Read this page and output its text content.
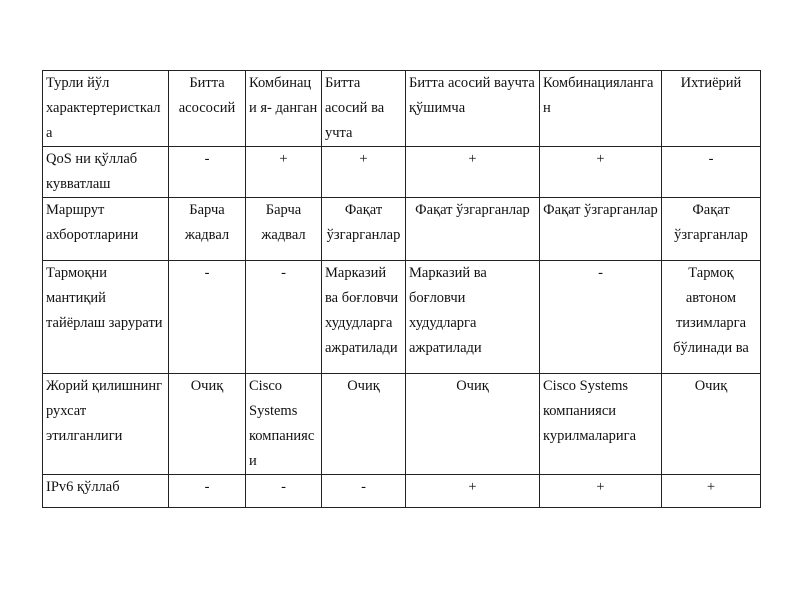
Турли йўл характертерисτкала	Битта асососий	Комбинаци я- данган	Битта асосий ва учта	Битта асосий вaучта қўшимча	Комбинацияланган	Ихтиёрий
QoS ни қўллаб кувватлаш	-	+	+	+	+	-
Маршрут ахборотларини	Барча жадвал	Барча жадвал	Фақат ўзгарганлар	Фақат ўзгарганлар	Фақат ўзгарганлар	Фақат ўзгарганлар
Тармоқни мантиқий тайёрлаш зарурати	-	-	Марказий ва боғловчи худудларга ажратилади	Марказий ва боғловчи худудларга ажратилади	-	Тармоқ автоном тизимларга бўлинади ва
Жорий қилишнинг рухсат этилганлиги	Очиқ	Cisco Systems компанияси	Очиқ	Очиқ	Cisco Systems компанияси курилмаларига	Очиқ
IPv6 қўллаб	-	-	-	+	+	+
